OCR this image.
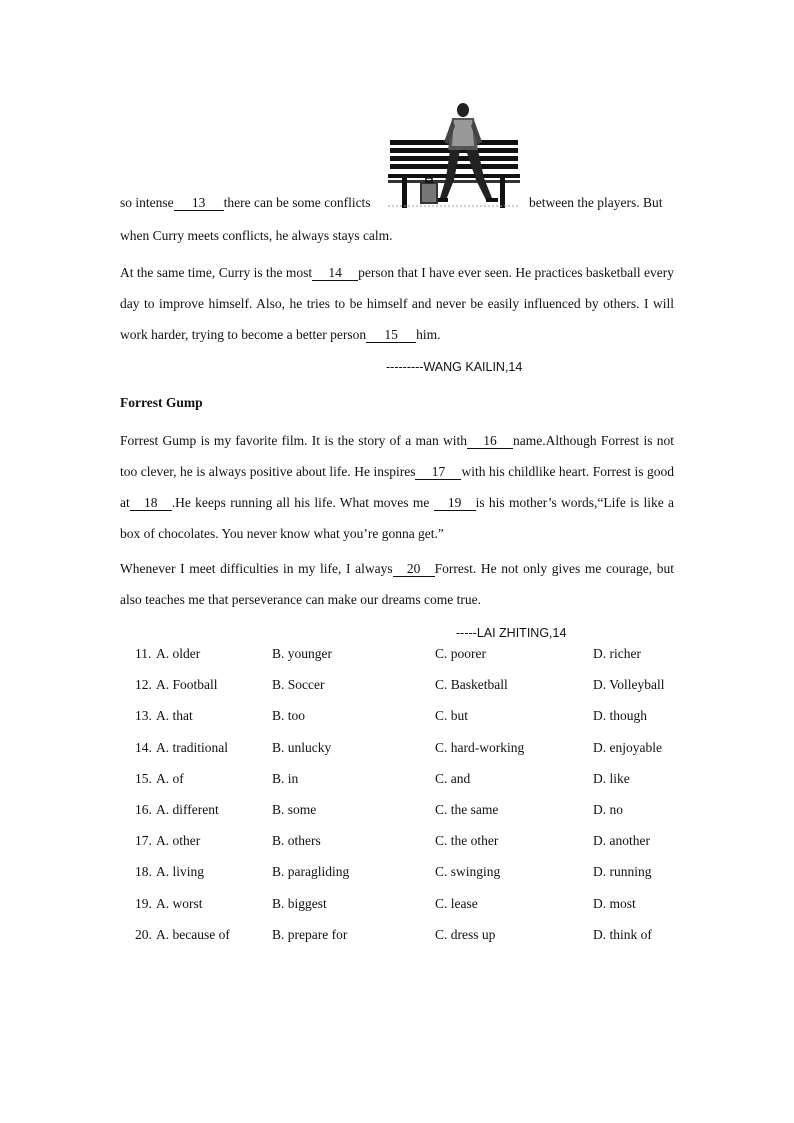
so intense 13 there can be some conflicts	between the players. But
when Curry meets conflicts, he always stays calm.

At the same time, Curry is the most 14 person that I have ever seen. He practices basketball every day to improve himself. Also, he tries to be himself and never be easily influenced by others. I will work harder, trying to become a better person 15 him.

---------WANG KAILIN,14
Forrest Gump

Forrest Gump is my favorite film. It is the story of a man with 16 name.Although Forrest is not too clever, he is always positive about life. He inspires 17 with his childlike heart. Forrest is good at 18 .He keeps running all his life. What moves me 19 is his mother’s words,“Life is like a box of chocolates. You never know what you’re gonna get.”

Whenever I meet difficulties in my life, I always 20 Forrest. He not only gives me courage, but also teaches me that perseverance can make our dreams come true.

-----LAI ZHITING,14
11. A. older	B. younger	C. poorer	D. richer
12. A. Football	B. Soccer	C. Basketball	D. Volleyball
13. A. that	B. too	C. but	D. though
14. A. traditional	B. unlucky	C. hard-working	D. enjoyable
15. A. of	B. in	C. and	D. like
16. A. different	B. some	C. the same	D. no
17. A. other	B. others	C. the other	D. another
18. A. living	B. paragliding	C. swinging	D. running
19. A. worst	B. biggest	C. lease	D. most
20. A. because of	B. prepare for	C. dress up	D. think of
